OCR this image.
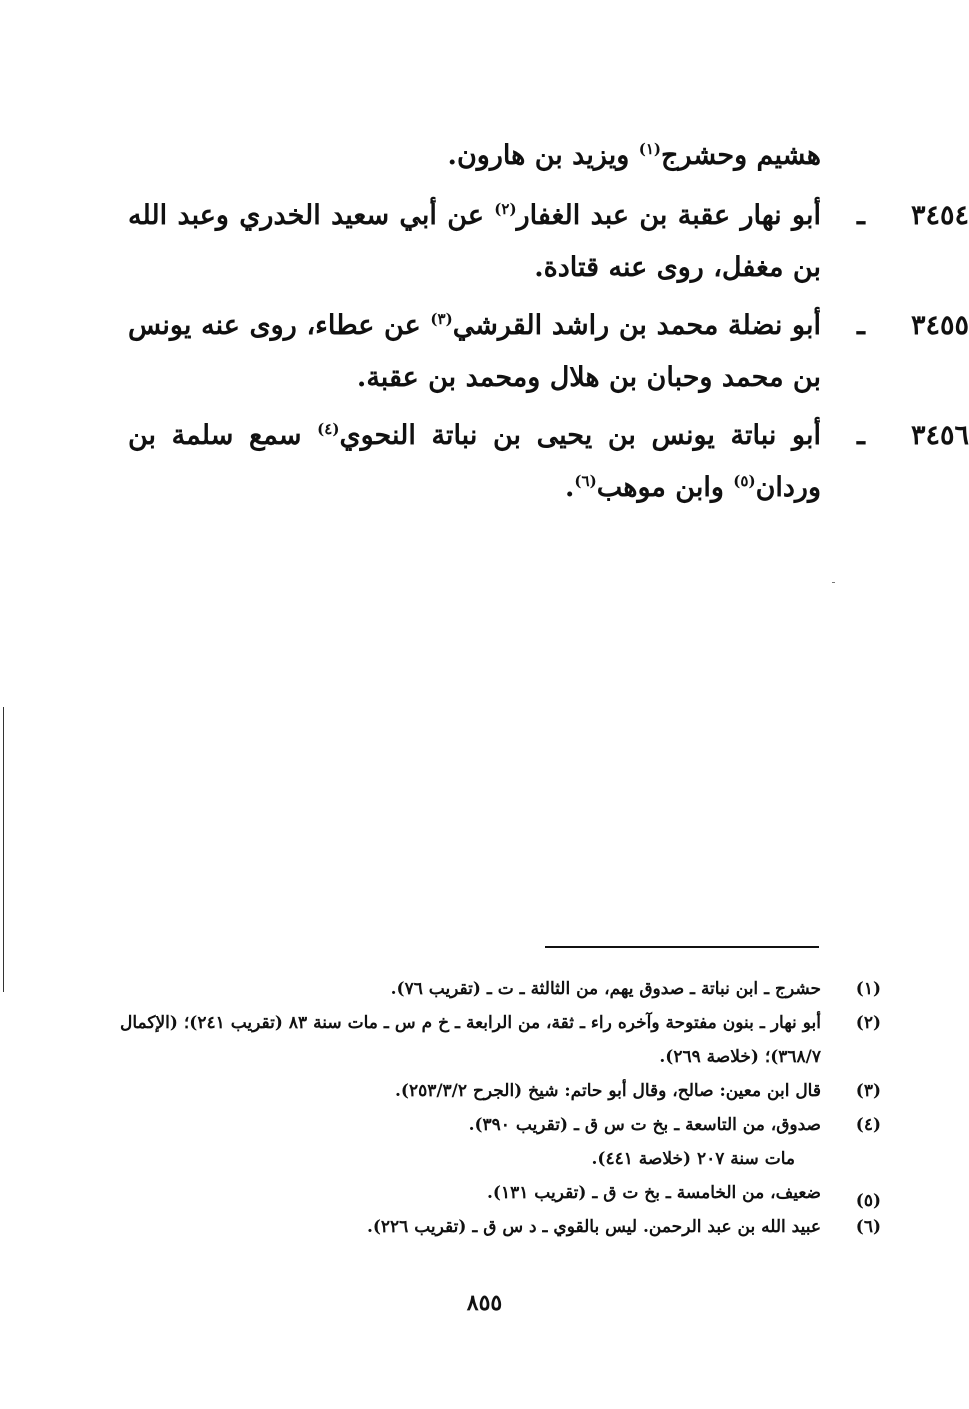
هشيم وحشرج$^{(١)}$ ويزيد بن هارون.
٣٤٥٤
ـ
أبو نهار عقبة بن عبد الغفار$^{(٢)}$ عن أبي سعيد الخدري وعبد الله بن مغفل، روى عنه قتادة.
٣٤٥٥
ـ
أبو نضلة محمد بن راشد القرشي$^{(٣)}$ عن عطاء، روى عنه يونس بن محمد وحبان بن هلال ومحمد بن عقبة.
٣٤٥٦
ـ
أبو نباتة يونس بن يحيى بن نباتة النحوي$^{(٤)}$ سمع سلمة بن وردان$^{(٥)}$ وابن موهب$^{(٦)}$.
(١)
حشرج ـ ابن نباتة ـ صدوق يهم، من الثالثة ـ ت ـ (تقريب ٧٦).
(٢)
أبو نهار ـ بنون مفتوحة وآخره راء ـ ثقة، من الرابعة ـ خ م س ـ مات سنة ٨٣ (تقريب ٢٤١)؛ (الإكمال ٣٦٨/٧)؛ (خلاصة ٢٦٩).
(٣)
قال ابن معين: صالح، وقال أبو حاتم: شيخ (الجرح ٢٥٣/٣/٢).
(٤)
صدوق، من التاسعة ـ بخ ت س ق ـ (تقريب ٣٩٠).
مات سنة ٢٠٧ (خلاصة ٤٤١).
(٥)
ضعيف، من الخامسة ـ بخ ت ق ـ (تقريب ١٣١).
(٦)
عبيد الله بن عبد الرحمن. ليس بالقوي ـ د س ق ـ (تقريب ٢٢٦).
٨٥٥
